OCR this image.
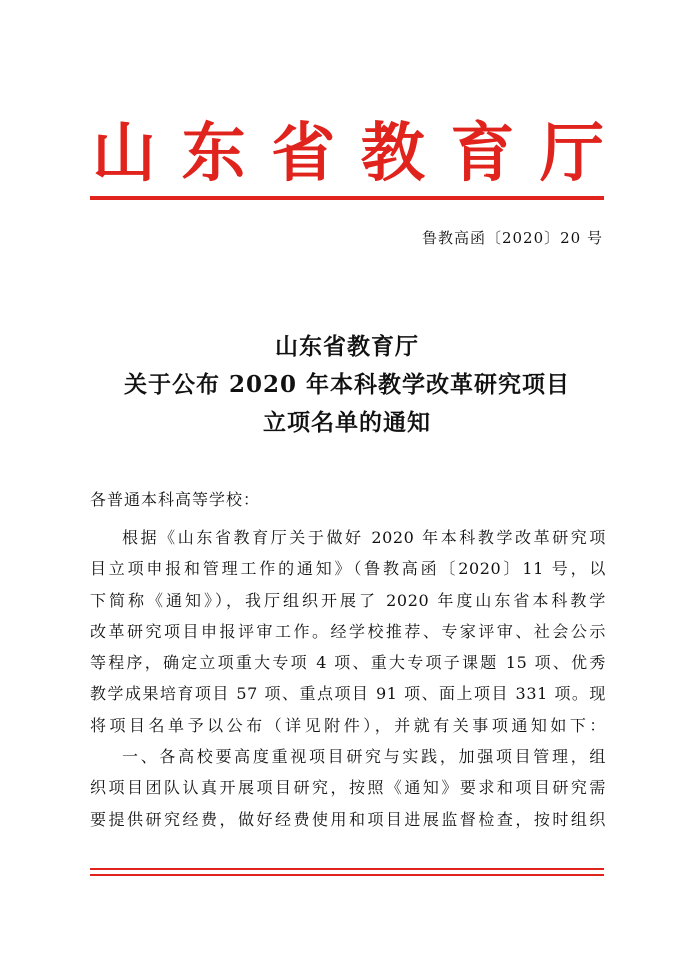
山 东 省 教 育 厅
鲁教高函〔2020〕20 号
山东省教育厅
关于公布 2020 年本科教学改革研究项目
立项名单的通知
各普通本科高等学校：
根据《山东省教育厅关于做好 2020 年本科教学改革研究项
目立项申报和管理工作的通知》（鲁教高函〔2020〕11 号，以
下简称《通知》），我厅组织开展了 2020 年度山东省本科教学
改革研究项目申报评审工作。经学校推荐、专家评审、社会公示
等程序，确定立项重大专项 4 项、重大专项子课题 15 项、优秀
教学成果培育项目 57 项、重点项目 91 项、面上项目 331 项。现
将项目名单予以公布（详见附件），并就有关事项通知如下：
一、各高校要高度重视项目研究与实践，加强项目管理，组
织项目团队认真开展项目研究，按照《通知》要求和项目研究需
要提供研究经费，做好经费使用和项目进展监督检查，按时组织
